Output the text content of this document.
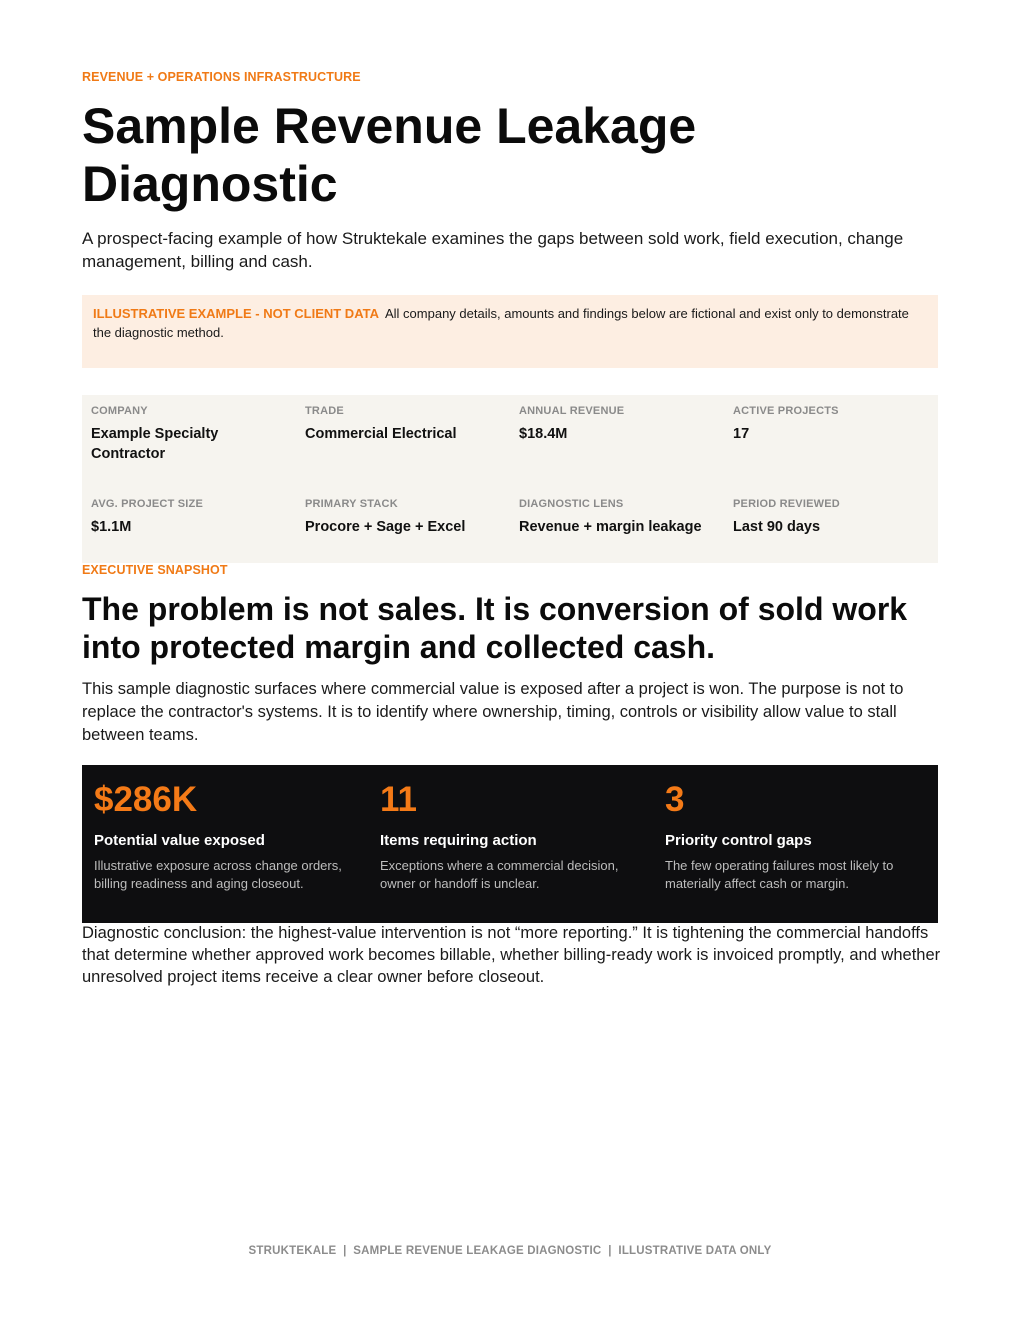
REVENUE + OPERATIONS INFRASTRUCTURE
Sample Revenue Leakage Diagnostic

A prospect-facing example of how Struktekale examines the gaps between sold work, field execution, change management, billing and cash.

ILLUSTRATIVE EXAMPLE - NOT CLIENT DATA All company details, amounts and findings below are fictional and exist only to demonstrate the diagnostic method.
COMPANY
Example Specialty Contractor
TRADE
Commercial Electrical
ANNUAL REVENUE
$18.4M
ACTIVE PROJECTS
17
AVG. PROJECT SIZE
$1.1M
PRIMARY STACK
Procore + Sage + Excel
DIAGNOSTIC LENS
Revenue + margin leakage
PERIOD REVIEWED
Last 90 days
EXECUTIVE SNAPSHOT
The problem is not sales. It is conversion of sold work into protected margin and collected cash.

This sample diagnostic surfaces where commercial value is exposed after a project is won. The purpose is not to replace the contractor's systems. It is to identify where ownership, timing, controls or visibility allow value to stall between teams.

$286K
Potential value exposed
Illustrative exposure across change orders, billing readiness and aging closeout.
11
Items requiring action
Exceptions where a commercial decision, owner or handoff is unclear.
3
Priority control gaps
The few operating failures most likely to materially affect cash or margin.

Diagnostic conclusion: the highest-value intervention is not “more reporting.” It is tightening the commercial handoffs that determine whether approved work becomes billable, whether billing-ready work is invoiced promptly, and whether unresolved project items receive a clear owner before closeout.

STRUKTEKALE  |  SAMPLE REVENUE LEAKAGE DIAGNOSTIC  |  ILLUSTRATIVE DATA ONLY
